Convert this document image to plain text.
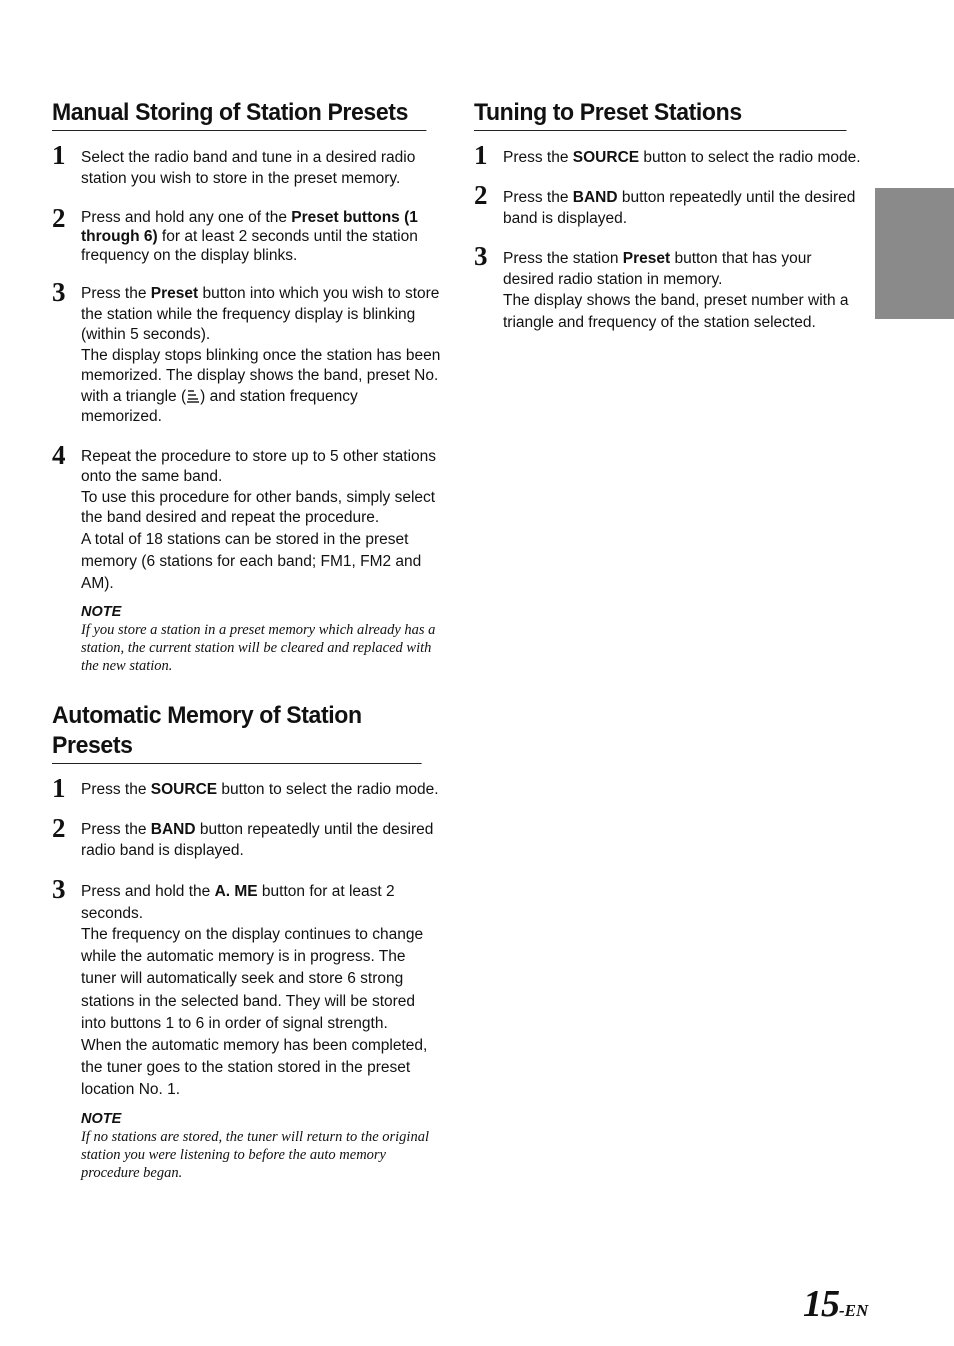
Manual Storing of Station Presets
1 Select the radio band and tune in a desired radio station you wish to store in the preset memory.

2 Press and hold any one of the Preset buttons (1 through 6) for at least 2 seconds until the station frequency on the display blinks.

3 Press the Preset button into which you wish to store the station while the frequency display is blinking (within 5 seconds).

The display stops blinking once the station has been memorized. The display shows the band, preset No. with a triangle ( ) and station frequency memorized.

4 Repeat the procedure to store up to 5 other stations onto the same band.

To use this procedure for other bands, simply select the band desired and repeat the procedure.

A total of 18 stations can be stored in the preset memory (6 stations for each band; FM1, FM2 and AM).

NOTE
If you store a station in a preset memory which already has a station, the current station will be cleared and replaced with the new station.
Automatic Memory of Station Presets
1 Press the SOURCE button to select the radio mode.

2 Press the BAND button repeatedly until the desired radio band is displayed.

3 Press and hold the A. ME button for at least 2 seconds.

The frequency on the display continues to change while the automatic memory is in progress. The tuner will automatically seek and store 6 strong stations in the selected band. They will be stored into buttons 1 to 6 in order of signal strength.

When the automatic memory has been completed, the tuner goes to the station stored in the preset location No. 1.

NOTE
If no stations are stored, the tuner will return to the original station you were listening to before the auto memory procedure began.
Tuning to Preset Stations
1 Press the SOURCE button to select the radio mode.

2 Press the BAND button repeatedly until the desired band is displayed.

3 Press the station Preset button that has your desired radio station in memory.

The display shows the band, preset number with a triangle and frequency of the station selected.

15-EN
